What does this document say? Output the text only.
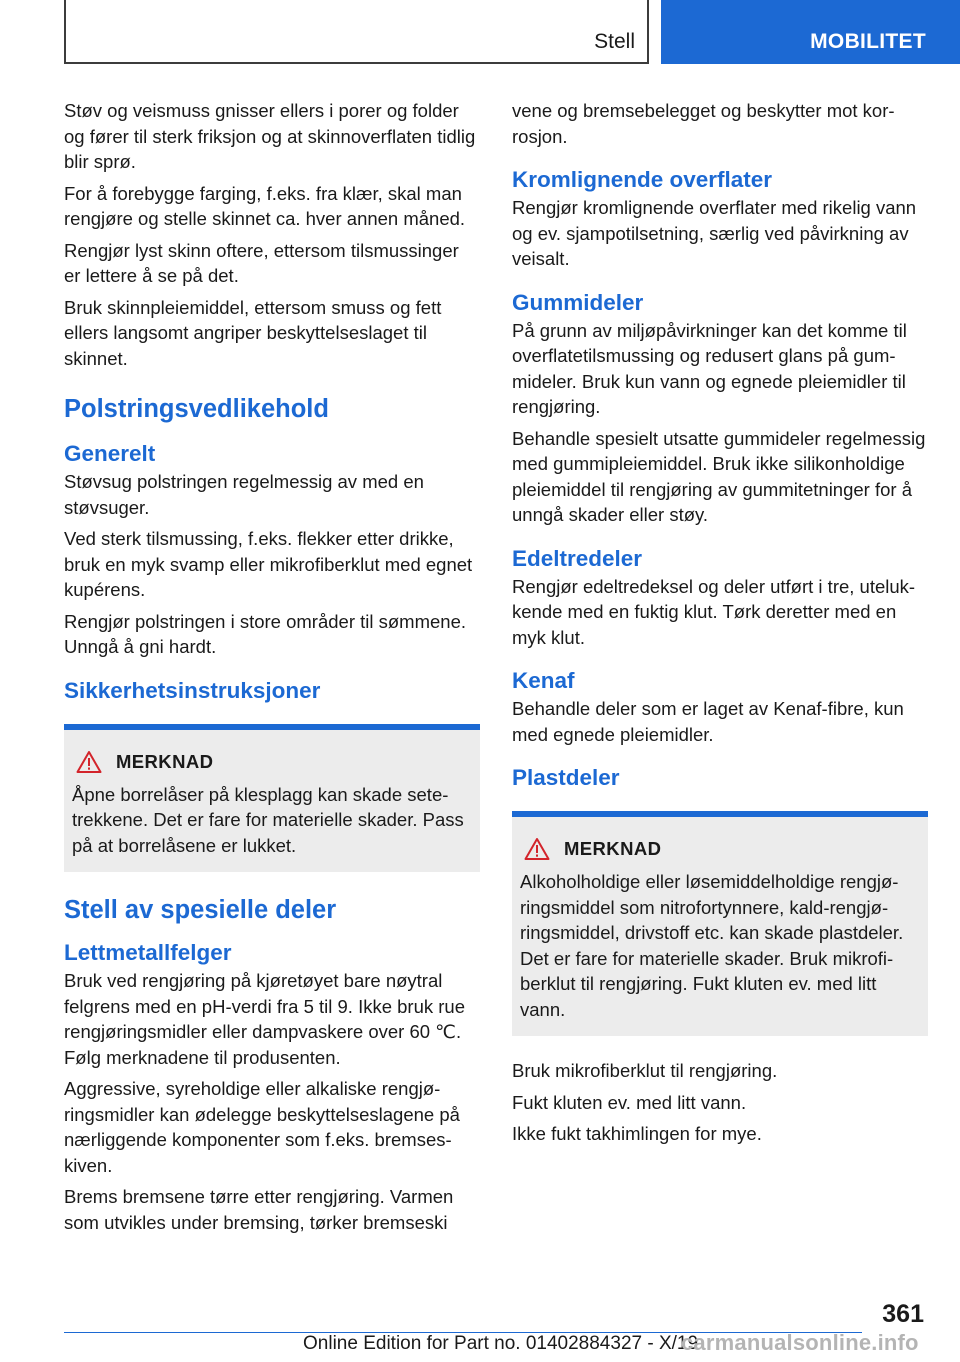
Stell	MOBILITET

Støv og veismuss gnisser ellers i porer og folder og fører til sterk friksjon og at skinnoverflaten tidlig blir sprø.

For å forebygge farging, f.eks. fra klær, skal man rengjøre og stelle skinnet ca. hver annen måned.

Rengjør lyst skinn oftere, ettersom tilsmussinger er lettere å se på det.

Bruk skinnpleiemiddel, ettersom smuss og fett ellers langsomt angriper beskyttelseslaget til skinnet.

Polstringsvedlikehold
Generelt

Støvsug polstringen regelmessig av med en støvsuger.

Ved sterk tilsmussing, f.eks. flekker etter drikke, bruk en myk svamp eller mikrofiberklut med egnet kupérens.

Rengjør polstringen i store områder til sømmene. Unngå å gni hardt.

Sikkerhetsinstruksjoner
MERKNAD

Åpne borrelåser på klesplagg kan skade setetrekkene. Det er fare for materielle skader. Pass på at borrelåsene er lukket.

Stell av spesielle deler
Lettmetallfelger

Bruk ved rengjøring på kjøretøyet bare nøytral felgrens med en pH-verdi fra 5 til 9. Ikke bruk rue rengjøringsmidler eller dampvaskere over 60 ℃. Følg merknadene til produsenten.

Aggressive, syreholdige eller alkaliske rengjøringsmidler kan ødelegge beskyttelseslagene på nærliggende komponenter som f.eks. bremseskiven.

Brems bremsene tørre etter rengjøring. Varmen som utvikles under bremsing, tørker bremseski

vene og bremsebelegget og beskytter mot korrosjon.

Kromlignende overflater

Rengjør kromlignende overflater med rikelig vann og ev. sjampotilsetning, særlig ved påvirkning av veisalt.

Gummideler

På grunn av miljøpåvirkninger kan det komme til overflatetilsmussing og redusert glans på gummideler. Bruk kun vann og egnede pleiemidler til rengjøring.

Behandle spesielt utsatte gummideler regelmessig med gummipleiemiddel. Bruk ikke silikonholdige pleiemiddel til rengjøring av gummitetninger for å unngå skader eller støy.

Edeltredeler

Rengjør edeltredeksel og deler utført i tre, utelukkende med en fuktig klut. Tørk deretter med en myk klut.

Kenaf

Behandle deler som er laget av Kenaf-fibre, kun med egnede pleiemidler.

Plastdeler
MERKNAD

Alkoholholdige eller løsemiddelholdige rengjøringsmiddel som nitrofortynnere, kald-rengjøringsmiddel, drivstoff etc. kan skade plastdeler. Det er fare for materielle skader. Bruk mikrofiberklut til rengjøring. Fukt kluten ev. med litt vann.

Bruk mikrofiberklut til rengjøring.

Fukt kluten ev. med litt vann.

Ikke fukt takhimlingen for mye.

361
Online Edition for Part no. 01402884327 - X/19
carmanualsonline.info
